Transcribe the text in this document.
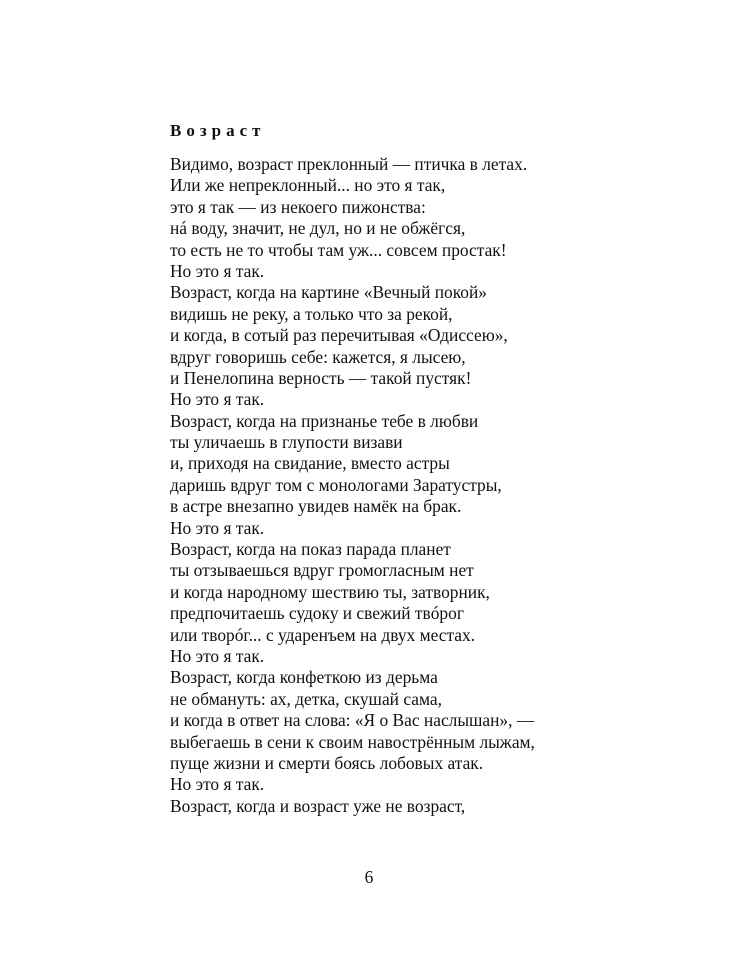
Возраст
Видимо, возраст преклонный — птичка в летах.
Или же непреклонный... но это я так,
это я так — из некоего пижонства:
нá воду, значит, не дул, но и не обжёгся,
то есть не то чтобы там уж... совсем простак!
Но это я так.
Возраст, когда на картине «Вечный покой»
видишь не реку, а только что за рекой,
и когда, в сотый раз перечитывая «Одиссею»,
вдруг говоришь себе: кажется, я лысею,
и Пенелопина верность — такой пустяк!
Но это я так.
Возраст, когда на признанье тебе в любви
ты уличаешь в глупости визави
и, приходя на свидание, вместо астры
даришь вдруг том с монологами Заратустры,
в астре внезапно увидев намёк на брак.
Но это я так.
Возраст, когда на показ парада планет
ты отзываешься вдруг громогласным нет
и когда народному шествию ты, затворник,
предпочитаешь судоку и свежий твóрог
или творóг... с ударенъем на двух местах.
Но это я так.
Возраст, когда конфеткою из дерьма
не обмануть: ах, детка, скушай сама,
и когда в ответ на слова: «Я о Вас наслышан», —
выбегаешь в сени к своим навострённым лыжам,
пуще жизни и смерти боясь лобовых атак.
Но это я так.
Возраст, когда и возраст уже не возраст,
6
